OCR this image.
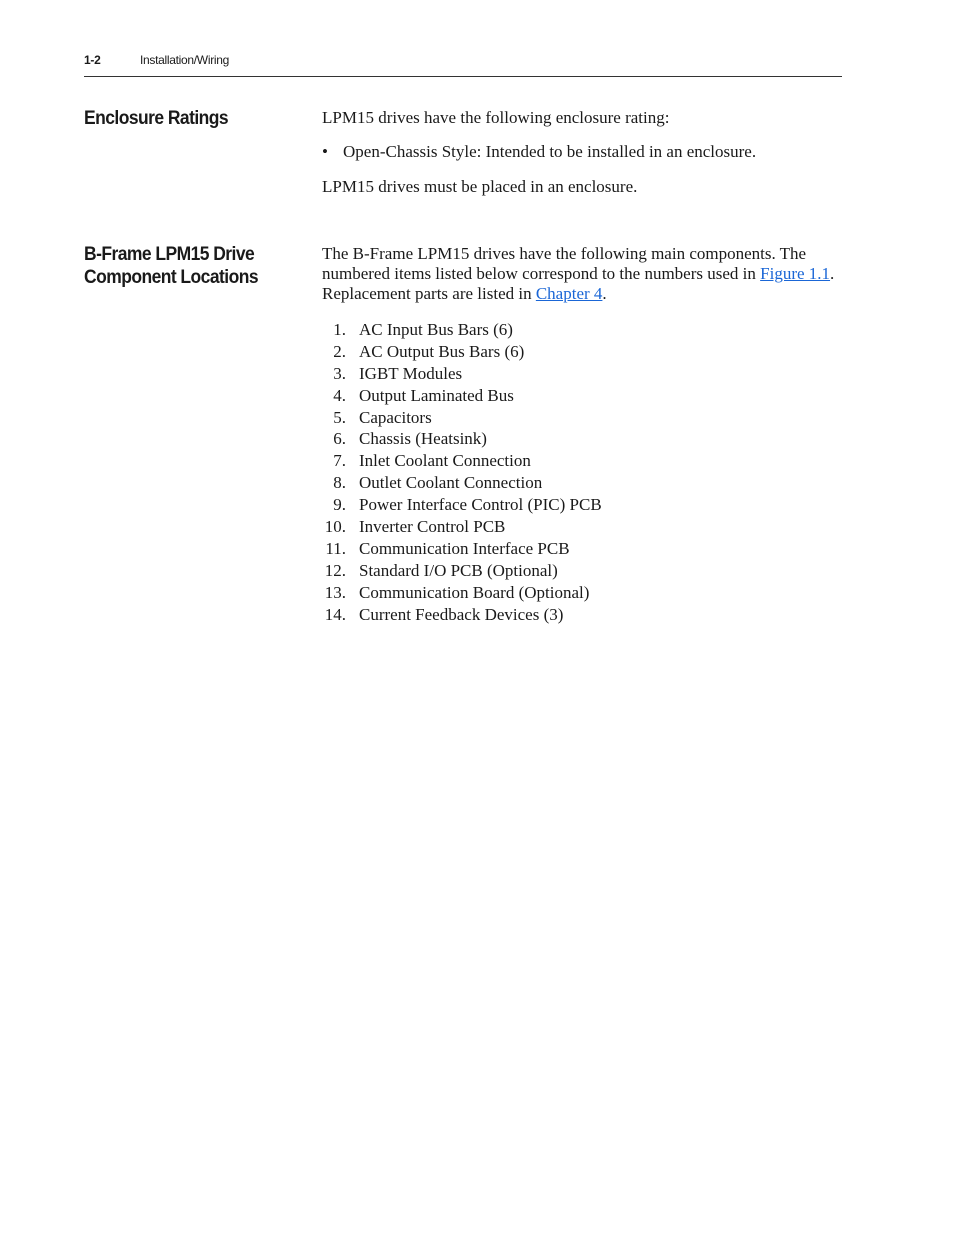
1-2	Installation/Wiring
Enclosure Ratings	LPM15 drives have the following enclosure rating:
• Open-Chassis Style: Intended to be installed in an enclosure.
LPM15 drives must be placed in an enclosure.
B-Frame LPM15 Drive
Component Locations
The B-Frame LPM15 drives have the following main components. The numbered items listed below correspond to the numbers used in Figure 1.1. Replacement parts are listed in Chapter 4.
1. AC Input Bus Bars (6)
2. AC Output Bus Bars (6)
3. IGBT Modules
4. Output Laminated Bus
5. Capacitors
6. Chassis (Heatsink)
7. Inlet Coolant Connection
8. Outlet Coolant Connection
9. Power Interface Control (PIC) PCB
10. Inverter Control PCB
11. Communication Interface PCB
12. Standard I/O PCB (Optional)
13. Communication Board (Optional)
14. Current Feedback Devices (3)
